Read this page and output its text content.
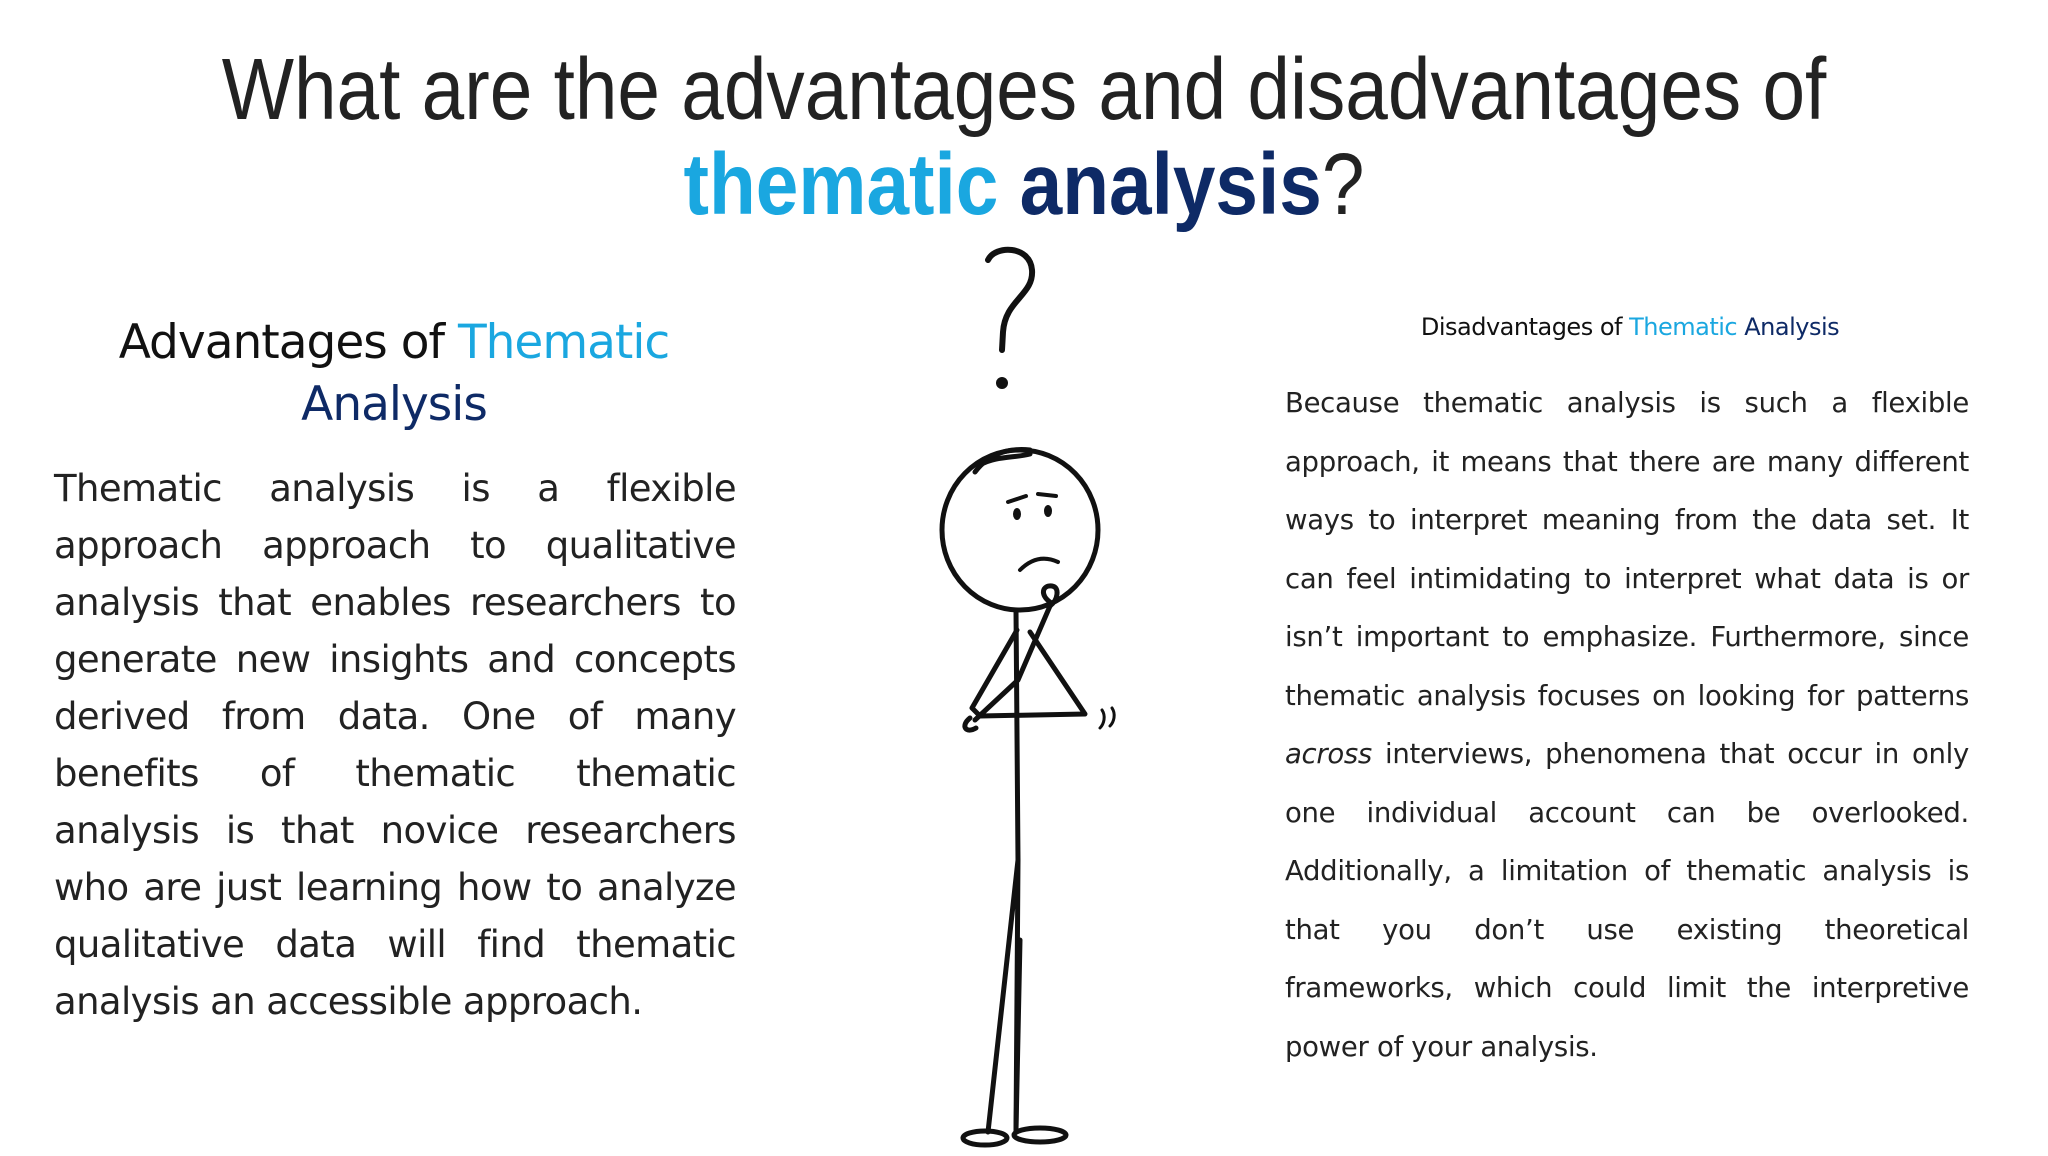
What are the advantages and disadvantages of
thematic analysis?
Advantages of Thematic
Analysis
Thematic analysis is a flexible approach approach to qualitative analysis that enables researchers to generate new insights and concepts derived from data. One of many benefits of thematic thematic analysis is that novice researchers who are just learning how to analyze qualitative data will find thematic analysis an accessible approach.
Disadvantages of Thematic Analysis
Because thematic analysis is such a flexible approach, it means that there are many different ways to interpret meaning from the data set. It can feel intimidating to interpret what data is or isn’t important to emphasize. Furthermore, since thematic analysis focuses on looking for patterns across interviews, phenomena that occur in only one individual account can be overlooked. Additionally, a limitation of thematic analysis is that you don’t use existing theoretical frameworks, which could limit the interpretive power of your analysis.
